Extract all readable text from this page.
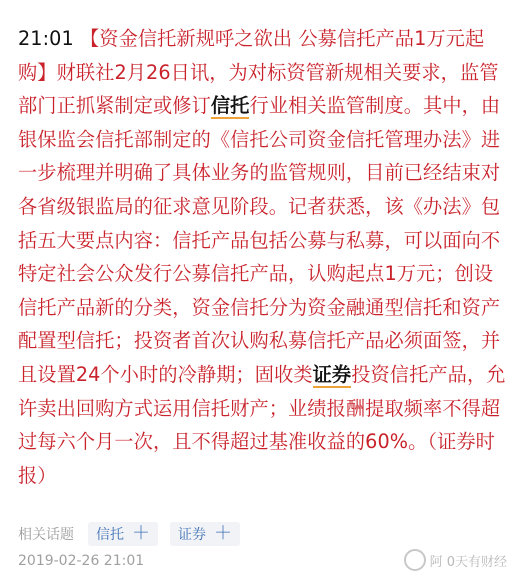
21:01 【资金信托新规呼之欲出 公募信托产品1万元起购】财联社2月26日讯，为对标资管新规相关要求，监管部门正抓紧制定或修订信托行业相关监管制度。其中，由银保监会信托部制定的《信托公司资金信托管理办法》进一步梳理并明确了具体业务的监管规则，目前已经结束对各省级银监局的征求意见阶段。记者获悉，该《办法》包括五大要点内容：信托产品包括公募与私募，可以面向不特定社会公众发行公募信托产品，认购起点1万元；创设信托产品新的分类，资金信托分为资金融通型信托和资产配置型信托；投资者首次认购私募信托产品必须面签，并且设置24个小时的冷静期；固收类证券投资信托产品，允许卖出回购方式运用信托财产；业绩报酬提取频率不得超过每六个月一次，且不得超过基准收益的60%。（证券时报）
相关话题 信托 ＋ 证券 ＋
2019-02-26 21:01	阿 0天有财经
